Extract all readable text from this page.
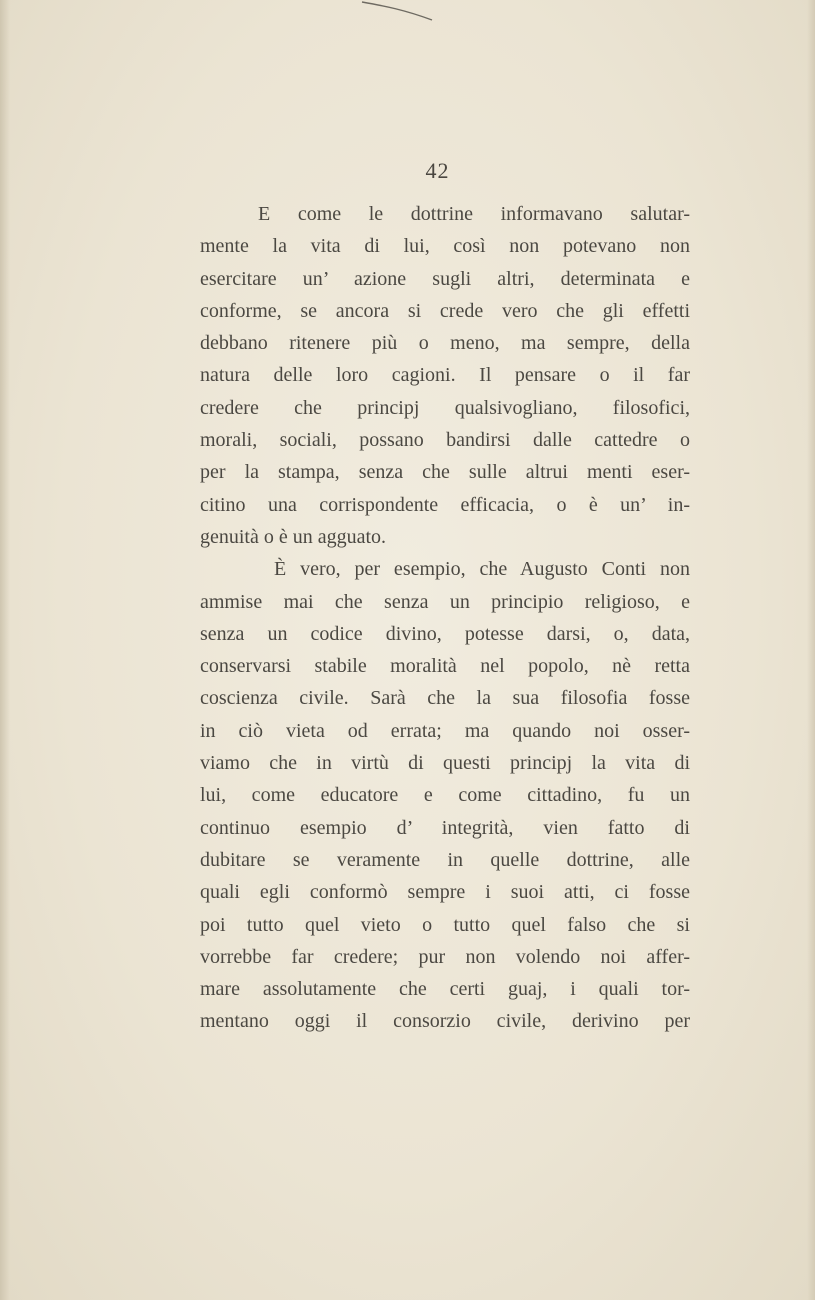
42
E come le dottrine informavano salutar-
mente la vita di lui, così non potevano non
esercitare un’ azione sugli altri, determinata e
conforme, se ancora si crede vero che gli effetti
debbano ritenere più o meno, ma sempre, della
natura delle loro cagioni. Il pensare o il far
credere che principj qualsivogliano, filosofici,
morali, sociali, possano bandirsi dalle cattedre o
per la stampa, senza che sulle altrui menti eser-
citino una corrispondente efficacia, o è un’ in-
genuità o è un agguato.
È vero, per esempio, che Augusto Conti non
ammise mai che senza un principio religioso, e
senza un codice divino, potesse darsi, o, data,
conservarsi stabile moralità nel popolo, nè retta
coscienza civile. Sarà che la sua filosofia fosse
in ciò vieta od errata; ma quando noi osser-
viamo che in virtù di questi principj la vita di
lui, come educatore e come cittadino, fu un
continuo esempio d’ integrità, vien fatto di
dubitare se veramente in quelle dottrine, alle
quali egli conformò sempre i suoi atti, ci fosse
poi tutto quel vieto o tutto quel falso che si
vorrebbe far credere; pur non volendo noi affer-
mare assolutamente che certi guaj, i quali tor-
mentano oggi il consorzio civile, derivino per
